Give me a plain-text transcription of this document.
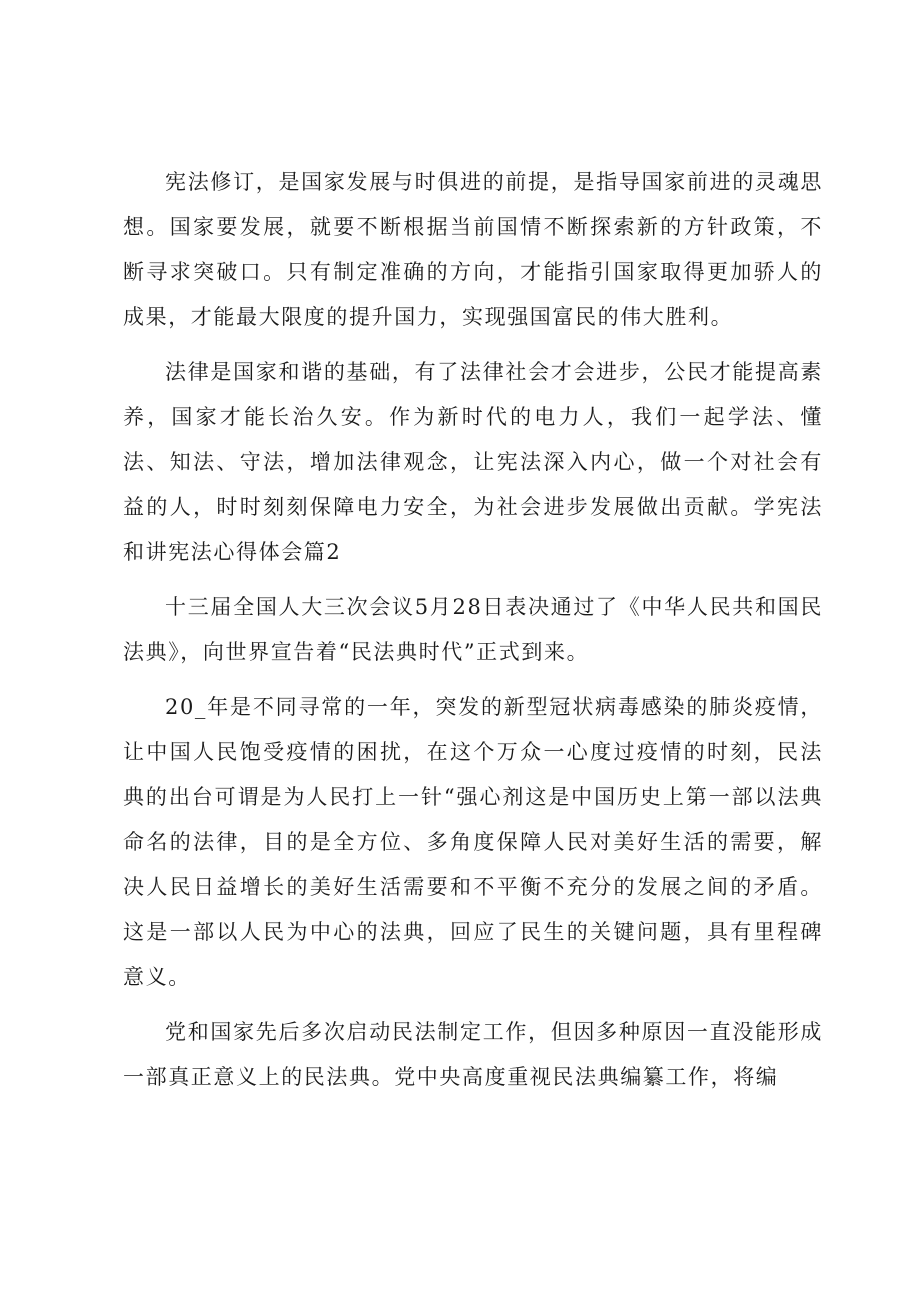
宪法修订，是国家发展与时俱进的前提，是指导国家前进的灵魂思想。国家要发展，就要不断根据当前国情不断探索新的方针政策，不断寻求突破口。只有制定准确的方向，才能指引国家取得更加骄人的成果，才能最大限度的提升国力，实现强国富民的伟大胜利。

法律是国家和谐的基础，有了法律社会才会进步，公民才能提高素养，国家才能长治久安。作为新时代的电力人，我们一起学法、懂法、知法、守法，增加法律观念，让宪法深入内心，做一个对社会有益的人，时时刻刻保障电力安全，为社会进步发展做出贡献。学宪法和讲宪法心得体会篇2

十三届全国人大三次会议5月28日表决通过了《中华人民共和国民法典》，向世界宣告着“民法典时代”正式到来。

20_年是不同寻常的一年，突发的新型冠状病毒感染的肺炎疫情，让中国人民饱受疫情的困扰，在这个万众一心度过疫情的时刻，民法典的出台可谓是为人民打上一针“强心剂这是中国历史上第一部以法典命名的法律，目的是全方位、多角度保障人民对美好生活的需要，解决人民日益增长的美好生活需要和不平衡不充分的发展之间的矛盾。这是一部以人民为中心的法典，回应了民生的关键问题，具有里程碑意义。

党和国家先后多次启动民法制定工作，但因多种原因一直没能形成一部真正意义上的民法典。党中央高度重视民法典编纂工作，将编
